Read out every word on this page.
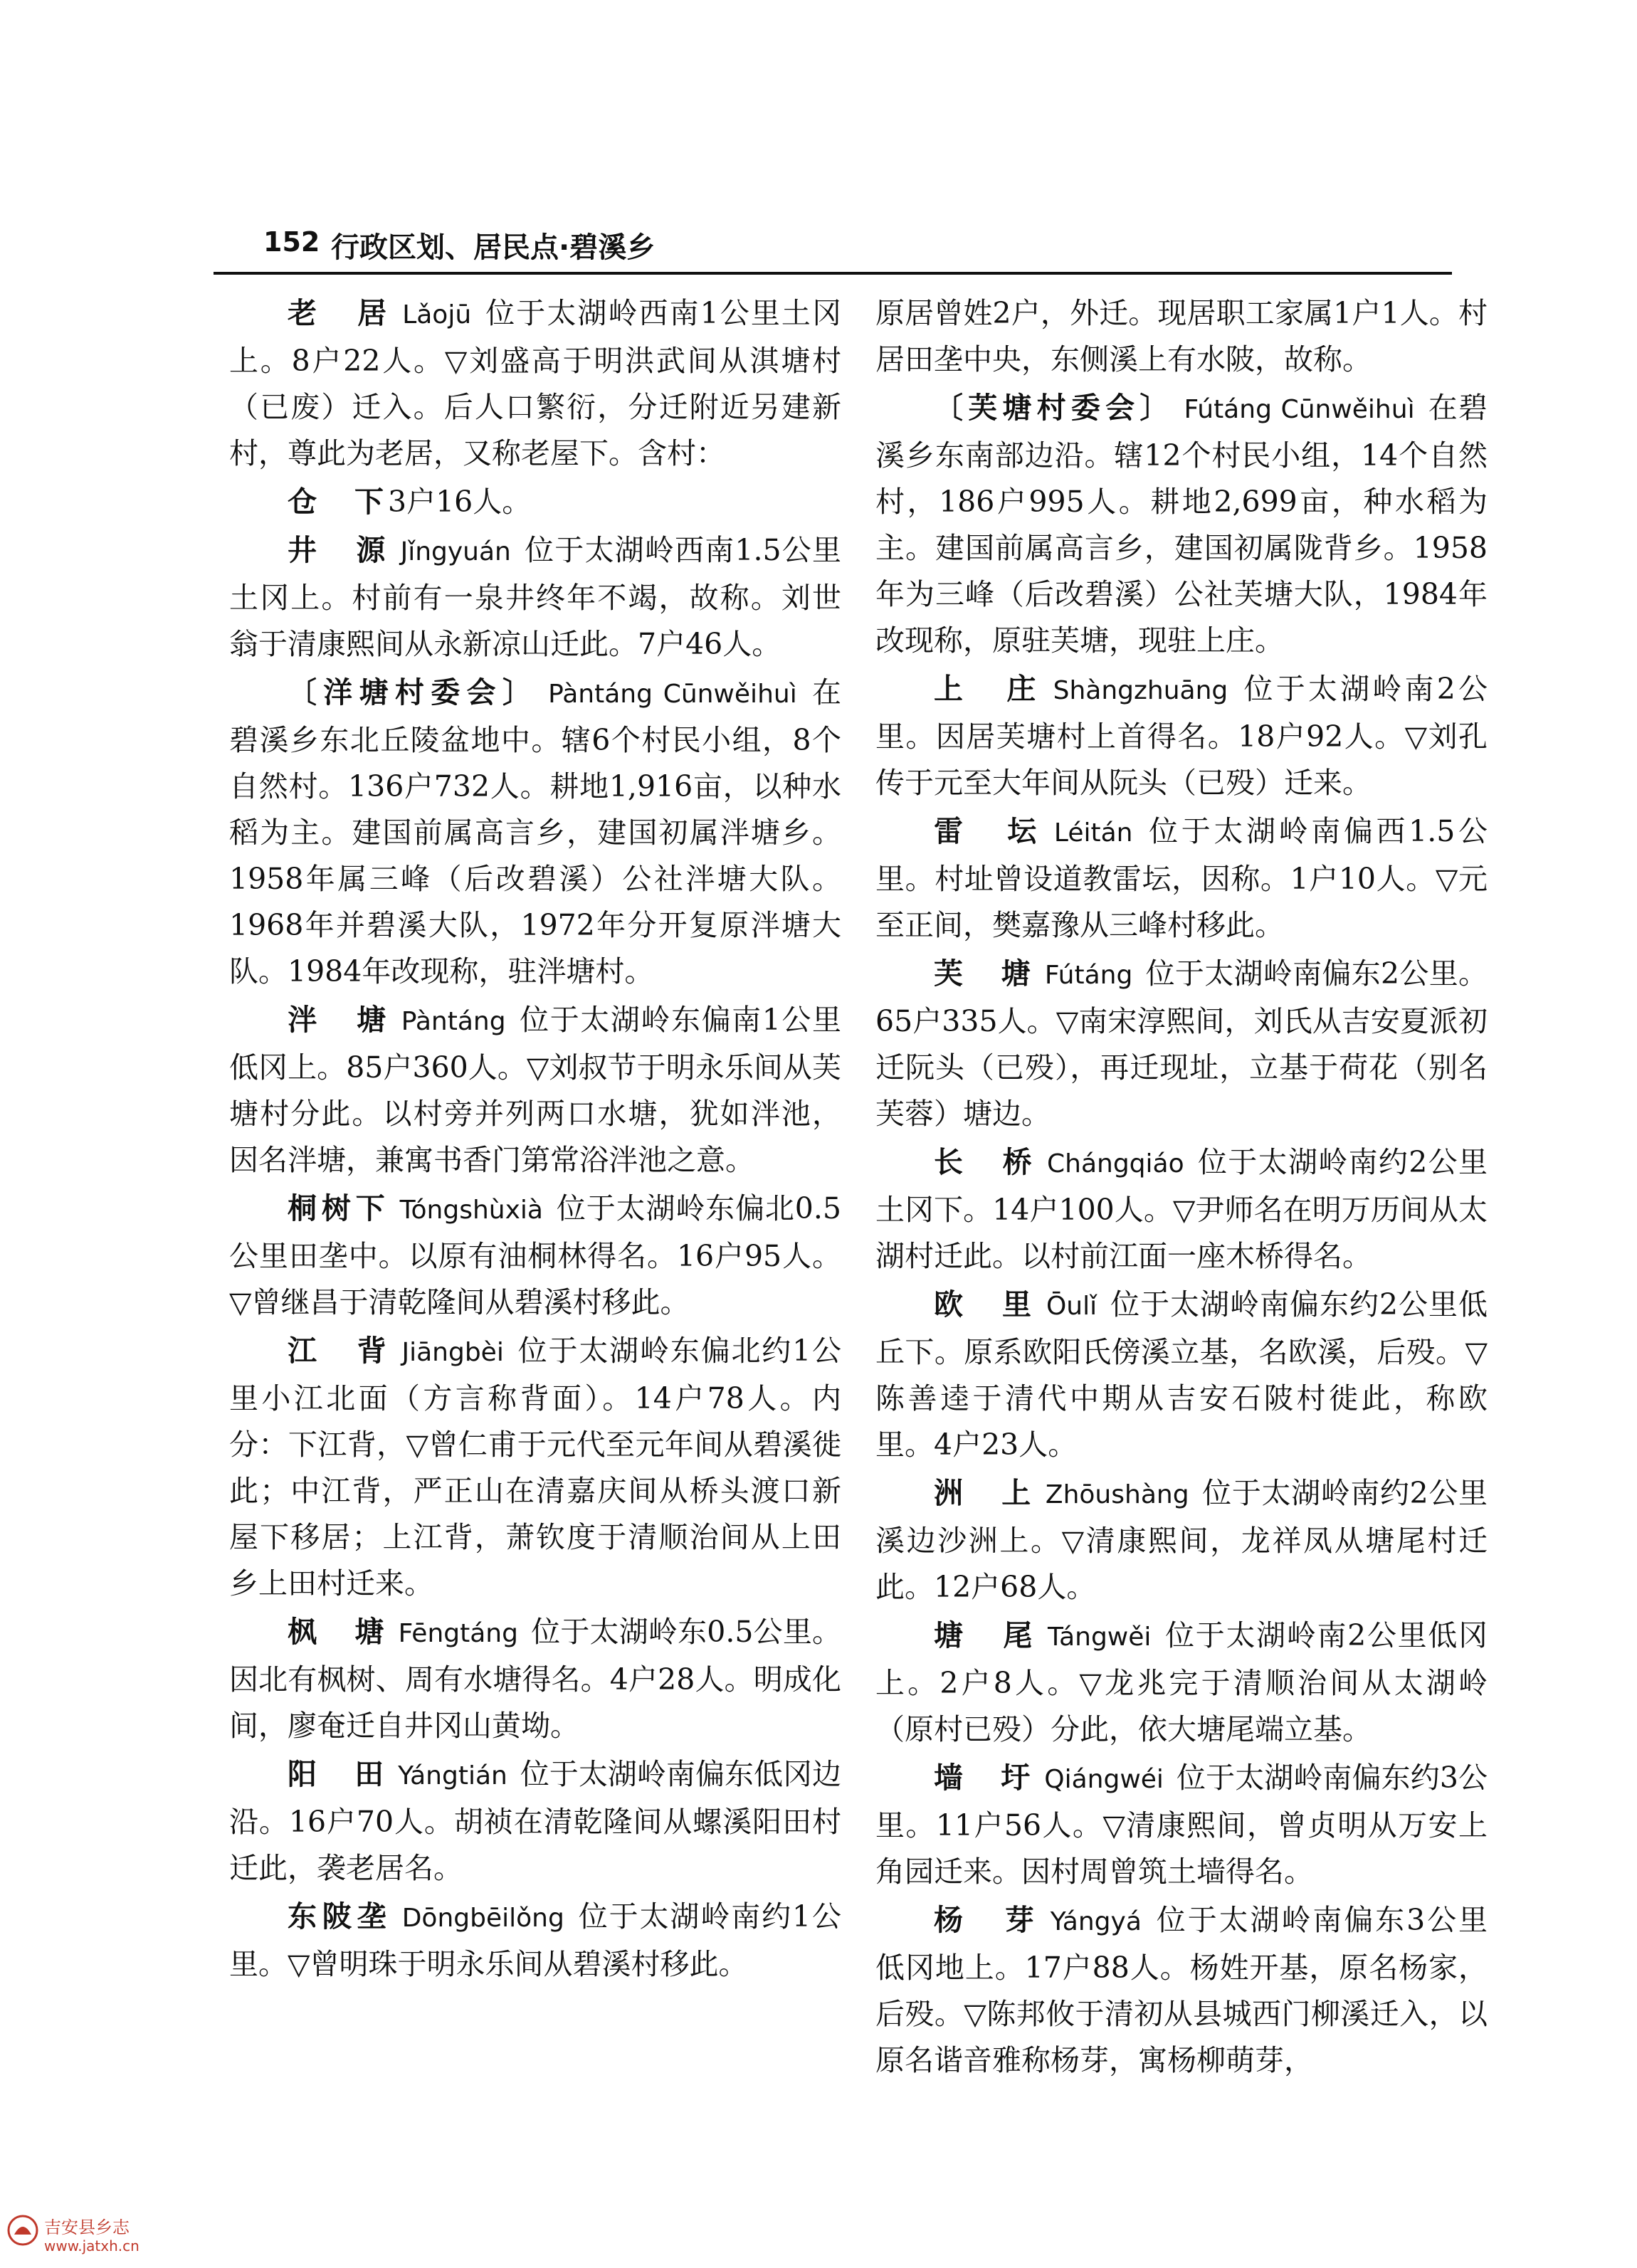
152 行政区划、居民点·碧溪乡

老　居 Lǎojū 位于太湖岭西南1公里土冈上。8户22人。▽刘盛高于明洪武间从淇塘村（已废）迁入。后人口繁衍，分迁附近另建新村，尊此为老居，又称老屋下。含村：

仓　下3户16人。

井　源 Jǐngyuán 位于太湖岭西南1.5公里土冈上。村前有一泉井终年不竭，故称。刘世翁于清康熙间从永新凉山迁此。7户46人。

〔洋塘村委会〕 Pàntáng Cūnwěihuì 在碧溪乡东北丘陵盆地中。辖6个村民小组，8个自然村。136户732人。耕地1,916亩，以种水稻为主。建国前属高言乡，建国初属泮塘乡。1958年属三峰（后改碧溪）公社泮塘大队。1968年并碧溪大队，1972年分开复原泮塘大队。1984年改现称，驻泮塘村。

泮　塘 Pàntáng 位于太湖岭东偏南1公里低冈上。85户360人。▽刘叔节于明永乐间从芙塘村分此。以村旁并列两口水塘，犹如泮池，因名泮塘，兼寓书香门第常浴泮池之意。

桐树下 Tóngshùxià 位于太湖岭东偏北0.5公里田垄中。以原有油桐林得名。16户95人。▽曾继昌于清乾隆间从碧溪村移此。

江　背 Jiāngbèi 位于太湖岭东偏北约1公里小江北面（方言称背面）。14户78人。内分：下江背，▽曾仁甫于元代至元年间从碧溪徙此；中江背，严正山在清嘉庆间从桥头渡口新屋下移居；上江背，萧钦度于清顺治间从上田乡上田村迁来。

枫　塘 Fēngtáng 位于太湖岭东0.5公里。因北有枫树、周有水塘得名。4户28人。明成化间，廖奄迁自井冈山黄坳。

阳　田 Yángtián 位于太湖岭南偏东低冈边沿。16户70人。胡祯在清乾隆间从螺溪阳田村迁此，袭老居名。

东陂垄 Dōngbēilǒng 位于太湖岭南约1公里。▽曾明珠于明永乐间从碧溪村移此。

原居曾姓2户，外迁。现居职工家属1户1人。村居田垄中央，东侧溪上有水陂，故称。

〔芙塘村委会〕 Fútáng Cūnwěihuì 在碧溪乡东南部边沿。辖12个村民小组，14个自然村，186户995人。耕地2,699亩，种水稻为主。建国前属高言乡，建国初属陇背乡。1958年为三峰（后改碧溪）公社芙塘大队，1984年改现称，原驻芙塘，现驻上庄。

上　庄 Shàngzhuāng 位于太湖岭南2公里。因居芙塘村上首得名。18户92人。▽刘孔传于元至大年间从阮头（已殁）迁来。

雷　坛 Léitán 位于太湖岭南偏西1.5公里。村址曾设道教雷坛，因称。1户10人。▽元至正间，樊嘉豫从三峰村移此。

芙　塘 Fútáng 位于太湖岭南偏东2公里。65户335人。▽南宋淳熙间，刘氏从吉安夏派初迁阮头（已殁），再迁现址，立基于荷花（别名芙蓉）塘边。

长　桥 Chángqiáo 位于太湖岭南约2公里土冈下。14户100人。▽尹师名在明万历间从太湖村迁此。以村前江面一座木桥得名。

欧　里 Ōulǐ 位于太湖岭南偏东约2公里低丘下。原系欧阳氏傍溪立基，名欧溪，后殁。▽陈善逵于清代中期从吉安石陂村徙此，称欧里。4户23人。

洲　上 Zhōushàng 位于太湖岭南约2公里溪边沙洲上。▽清康熙间，龙祥凤从塘尾村迁此。12户68人。

塘　尾 Tángwěi 位于太湖岭南2公里低冈上。2户8人。▽龙兆完于清顺治间从太湖岭（原村已殁）分此，依大塘尾端立基。

墙　圩 Qiángwéi 位于太湖岭南偏东约3公里。11户56人。▽清康熙间，曾贞明从万安上角园迁来。因村周曾筑土墙得名。

杨　芽 Yángyá 位于太湖岭南偏东3公里低冈地上。17户88人。杨姓开基，原名杨家，后殁。▽陈邦攸于清初从县城西门柳溪迁入，以原名谐音雅称杨芽，寓杨柳萌芽，

吉安县乡志
www.jatxh.cn
